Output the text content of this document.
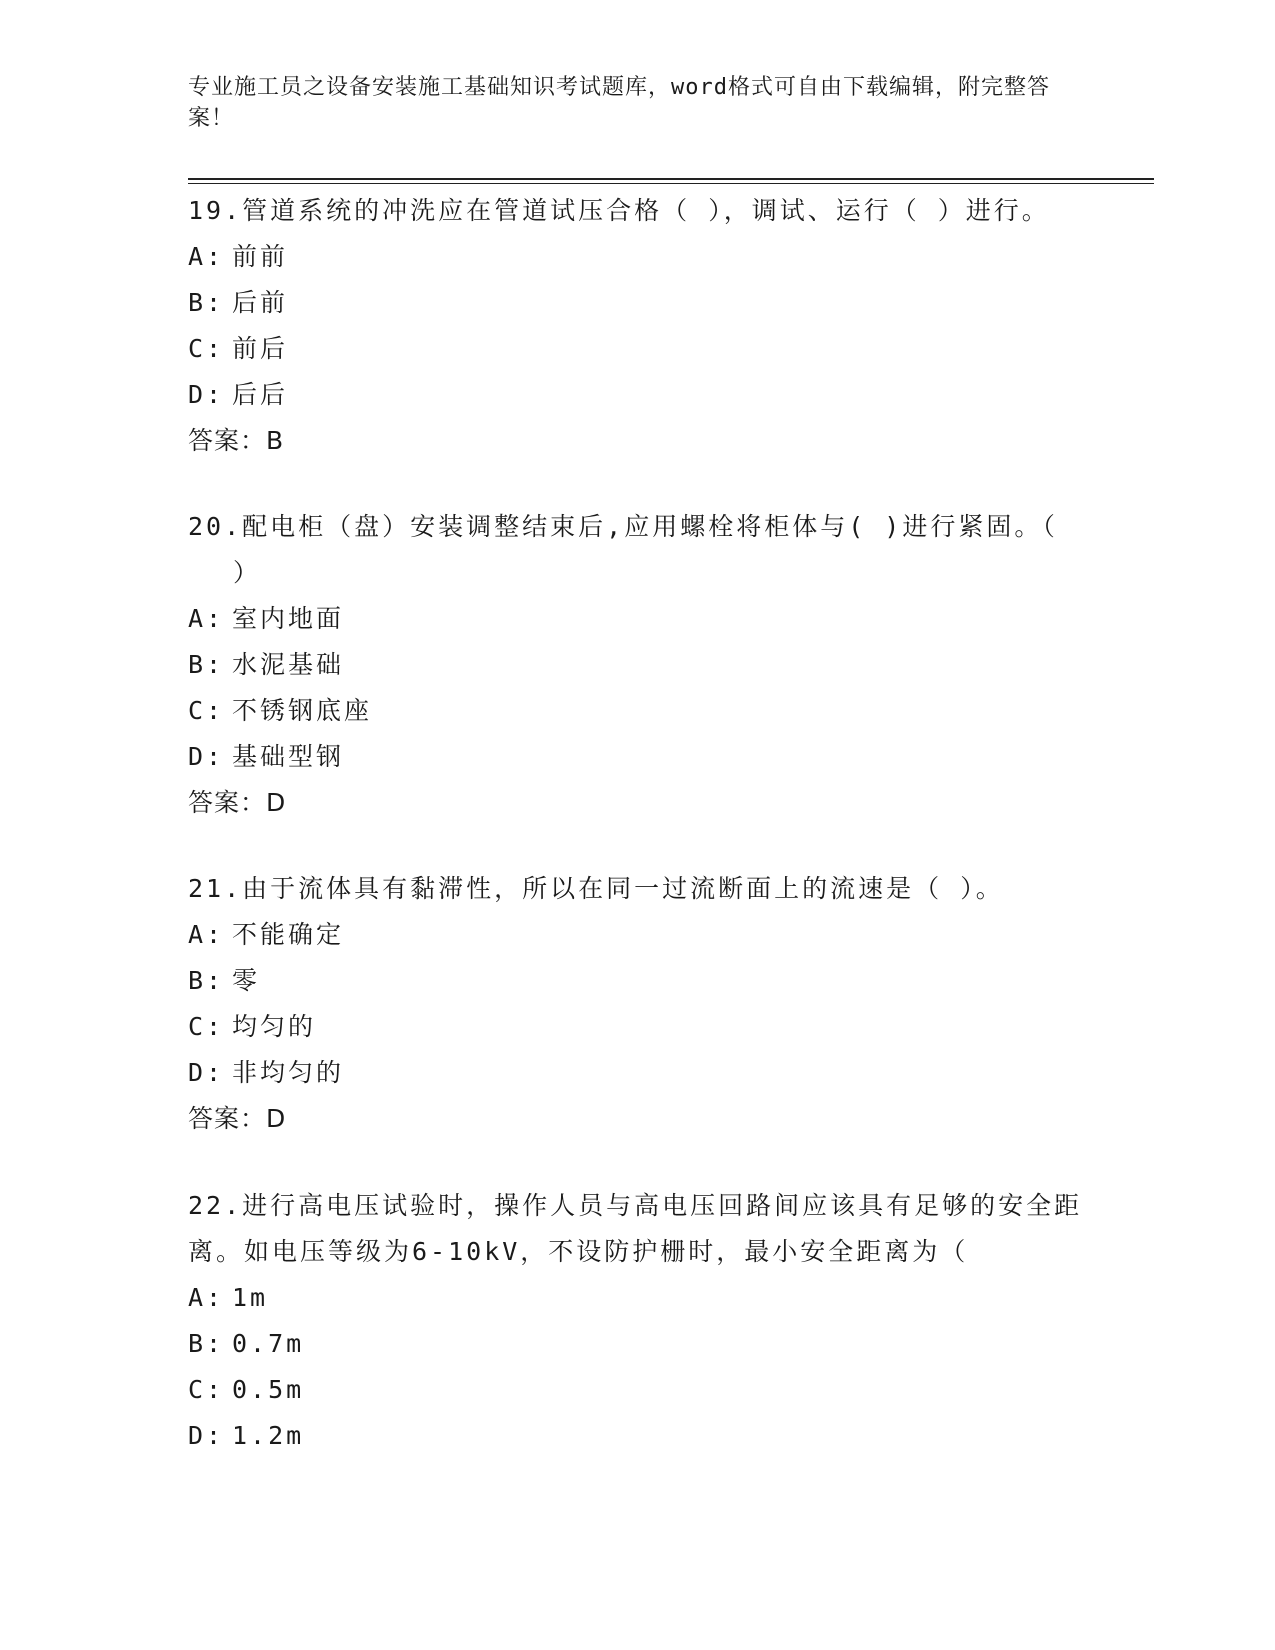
专业施工员之设备安装施工基础知识考试题库，word格式可自由下载编辑，附完整答案！
19.管道系统的冲洗应在管道试压合格（ ），调试、运行（ ）进行。
A: 前前
B: 后前
C: 前后
D: 后后
答案：B
20.配电柜（盘）安装调整结束后,应用螺栓将柜体与( )进行紧固。（
）
A: 室内地面
B: 水泥基础
C: 不锈钢底座
D: 基础型钢
答案：D
21.由于流体具有黏滞性，所以在同一过流断面上的流速是（ ）。
A: 不能确定
B: 零
C: 均匀的
D: 非均匀的
答案：D
22.进行高电压试验时，操作人员与高电压回路间应该具有足够的安全距离。如电压等级为6-10kV，不设防护栅时，最小安全距离为（
A: 1m
B: 0.7m
C: 0.5m
D: 1.2m
